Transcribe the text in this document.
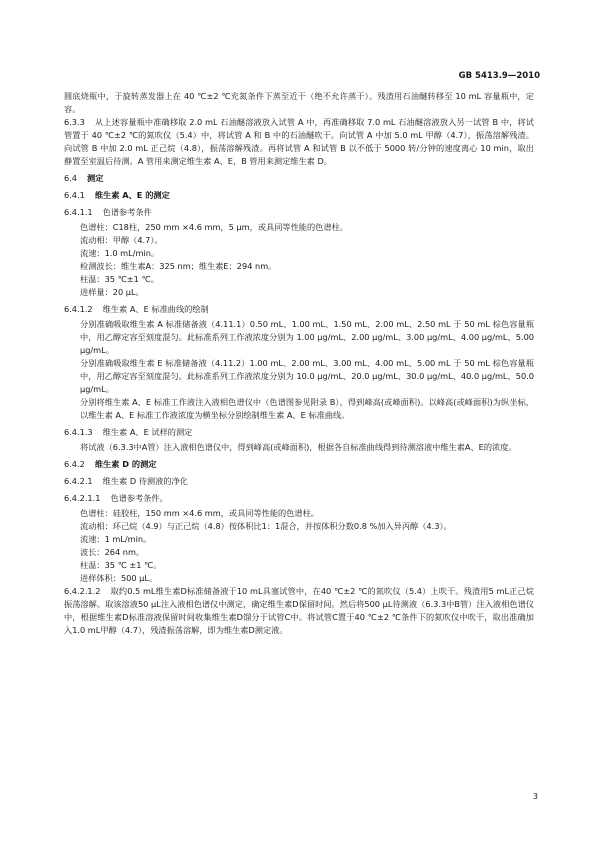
GB 5413.9—2010

圆底烧瓶中，于旋转蒸发器上在 40 ℃±2 ℃充氮条件下蒸至近干（绝不允许蒸干）。残渣用石油醚转移至 10 mL 容量瓶中，定容。

6.3.3 从上述容量瓶中准确移取 2.0 mL 石油醚溶液放入试管 A 中，再准确移取 7.0 mL 石油醚溶液放入另一试管 B 中，将试管置于 40 ℃±2 ℃的氮吹仪（5.4）中，将试管 A 和 B 中的石油醚吹干。向试管 A 中加 5.0 mL 甲醇（4.7），振荡溶解残渣。向试管 B 中加 2.0 mL 正己烷（4.8），振荡溶解残渣。再将试管 A 和试管 B 以不低于 5000 转/分钟的速度离心 10 min，取出静置至室温后待测。A 管用来测定维生素 A、E，B 管用来测定维生素 D。

6.4 测定
6.4.1 维生素 A、E 的测定
6.4.1.1 色谱参考条件

色谱柱：C18柱，250 mm ×4.6 mm，5 μm，或具同等性能的色谱柱。

流动相：甲醇（4.7）。

流速：1.0 mL/min。

检测波长：维生素A：325 nm；维生素E：294 nm。

柱温：35 ℃±1 ℃。

进样量：20 μL。

6.4.1.2 维生素 A、E 标准曲线的绘制

分别准确吸取维生素 A 标准储备液（4.11.1）0.50 mL、1.00 mL、1.50 mL、2.00 mL、2.50 mL 于 50 mL 棕色容量瓶中，用乙醇定容至刻度混匀。此标准系列工作液浓度分别为 1.00 μg/mL、2.00 μg/mL、3.00 μg/mL、4.00 μg/mL、5.00 μg/mL。

分别准确吸取维生素 E 标准储备液（4.11.2）1.00 mL、2.00 mL、3.00 mL、4.00 mL、5.00 mL 于 50 mL 棕色容量瓶中，用乙醇定容至刻度混匀。此标准系列工作液浓度分别为 10.0 μg/mL、20.0 μg/mL、30.0 μg/mL、40.0 μg/mL、50.0 μg/mL。

分别将维生素 A、E 标准工作液注入液相色谱仪中（色谱图参见附录 B），得到峰高(或峰面积)。以峰高(或峰面积)为纵坐标，以维生素 A、E 标准工作液浓度为横坐标分别绘制维生素 A、E 标准曲线。

6.4.1.3 维生素 A、E 试样的测定

将试液（6.3.3中A管）注入液相色谱仪中，得到峰高(或峰面积)，根据各自标准曲线得到待测溶液中维生素A、E的浓度。

6.4.2 维生素 D 的测定
6.4.2.1 维生素 D 待测液的净化
6.4.2.1.1 色谱参考条件。

色谱柱：硅胶柱，150 mm ×4.6 mm，或具同等性能的色谱柱。

流动相：环己烷（4.9）与正己烷（4.8）按体积比1：1混合，并按体积分数0.8 %加入异丙醇（4.3）。

流速：1 mL/min。

波长：264 nm。

柱温：35 ℃ ±1 ℃。

进样体积：500 μL。

6.4.2.1.2 取约0.5 mL维生素D标准储备液于10 mL具塞试管中，在40 ℃±2 ℃的氮吹仪（5.4）上吹干。残渣用5 mL正己烷振荡溶解。取该溶液50 μL注入液相色谱仪中测定，确定维生素D保留时间。然后将500 μL待测液（6.3.3中B管）注入液相色谱仪中，根据维生素D标准溶液保留时间收集维生素D馏分于试管C中。将试管C置于40 ℃±2 ℃条件下的氮吹仪中吹干，取出准确加入1.0 mL甲醇（4.7），残渣振荡溶解，即为维生素D测定液。

3
